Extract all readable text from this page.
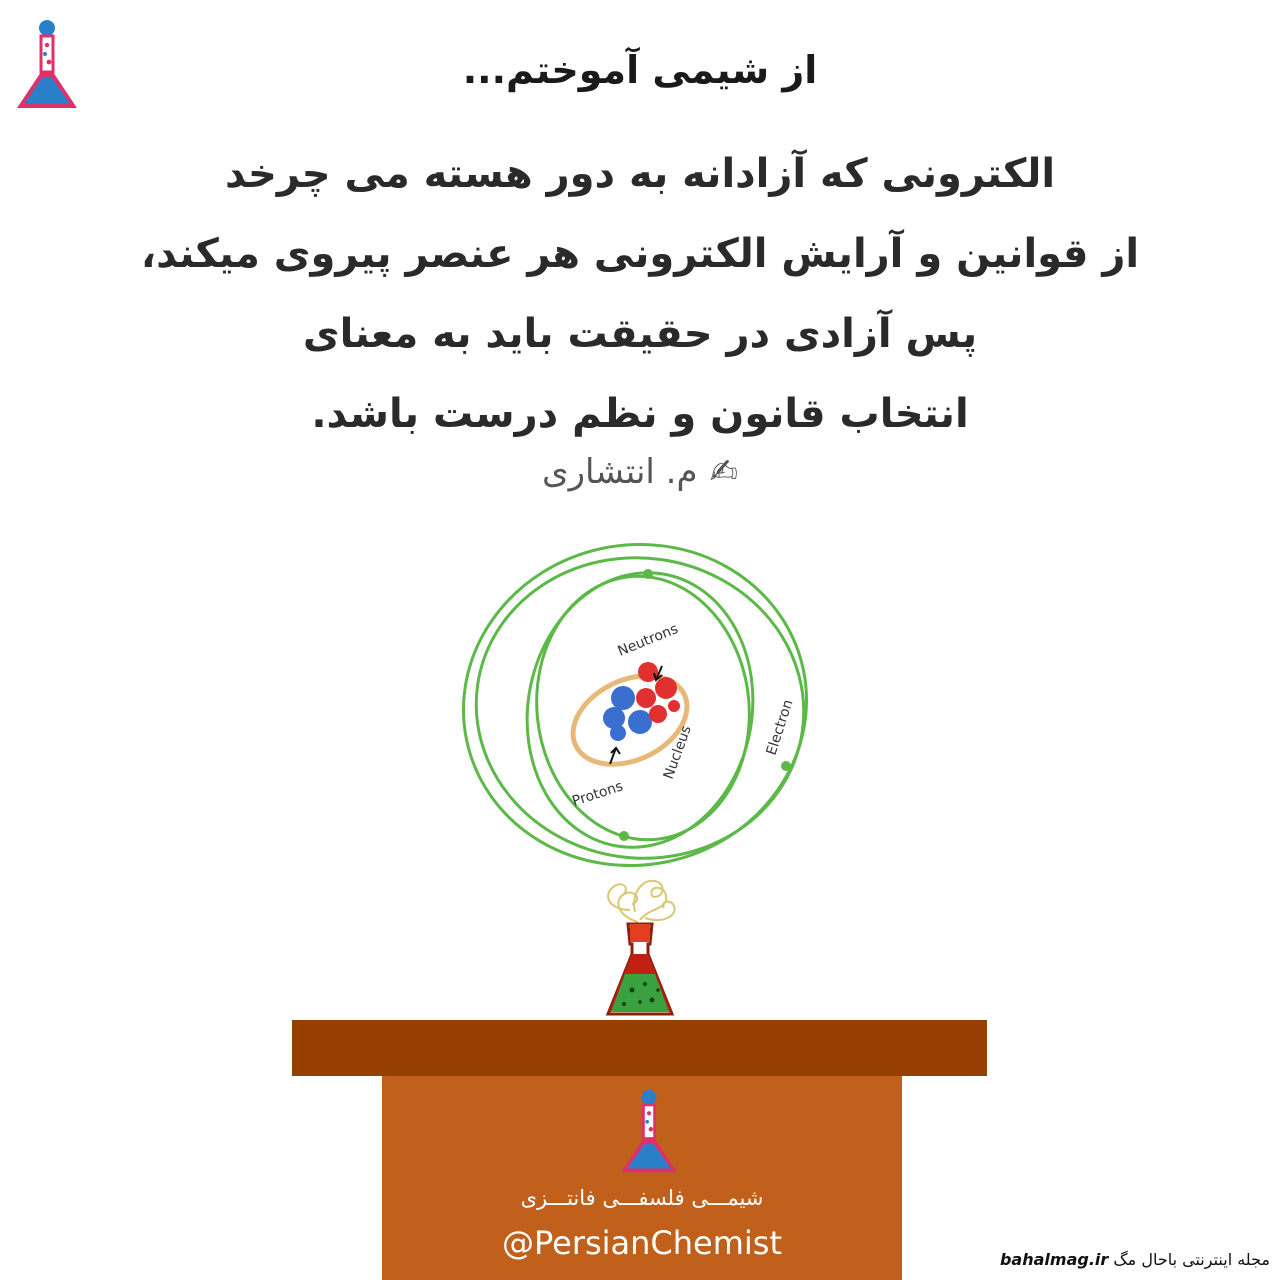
از شیمی آموختم...
الکترونی که آزادانه به دور هسته می چرخد
از قوانین و آرایش الکترونی هر عنصر پیروی میکند،
پس آزادی در حقیقت باید به معنای
انتخاب قانون و نظم درست باشد.
✍م. انتشاری
Neutrons
Nucleus
Protons
Electron
شیمـــی فلسفـــی فانتـــزی
@PersianChemist	مجله اینترنتی باحال مگ bahalmag.ir
